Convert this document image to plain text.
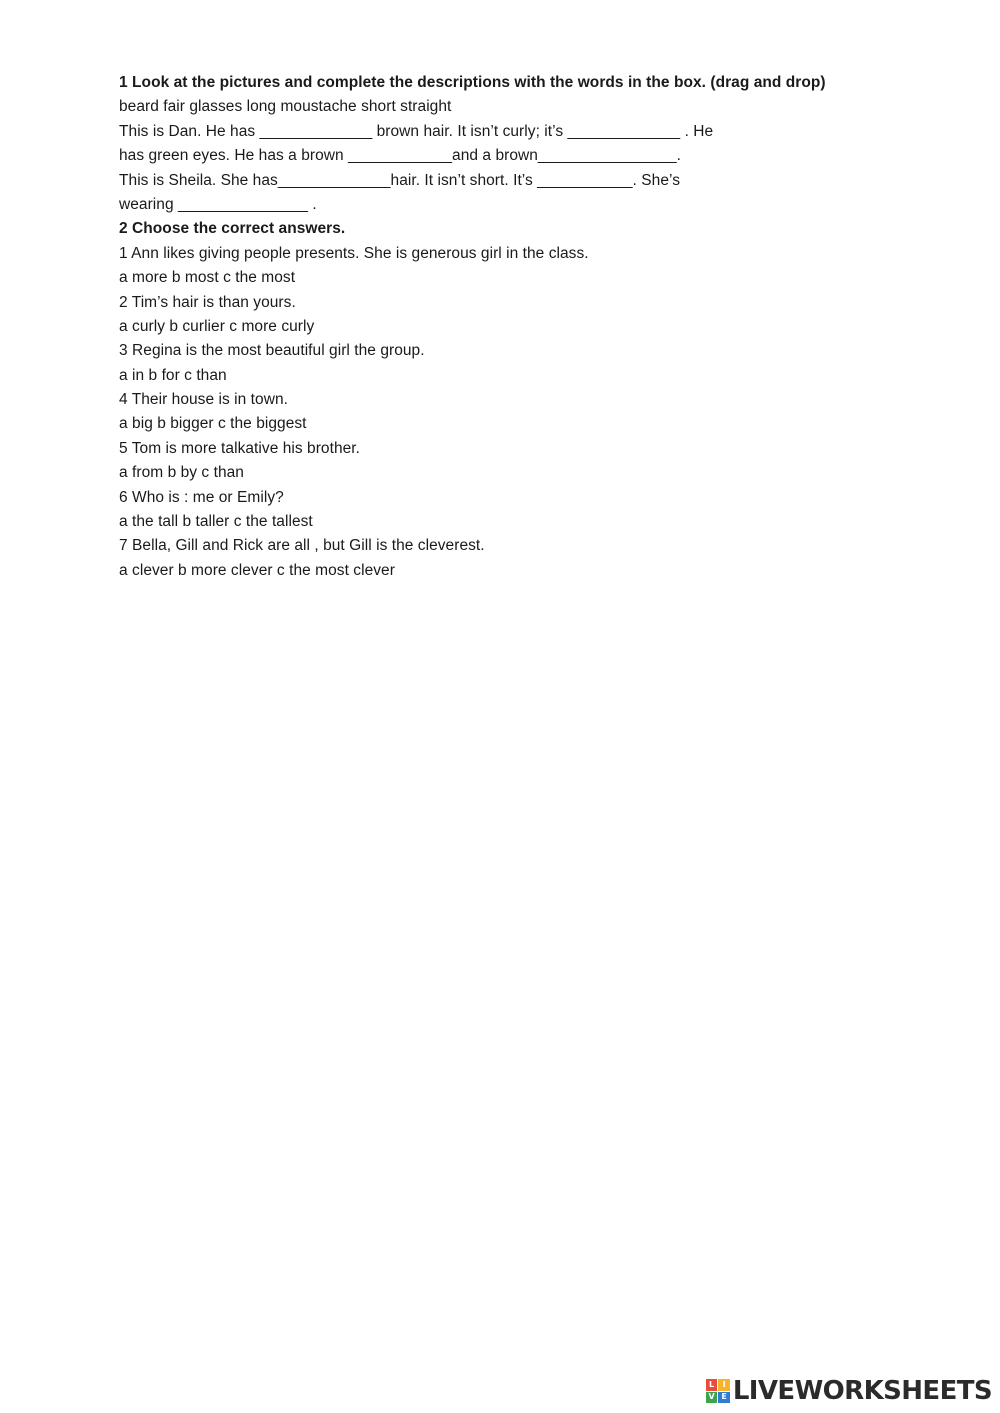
1 Look at the pictures and complete the descriptions with the words in the box. (drag and drop)
beard fair glasses long moustache short straight
This is Dan. He has _____________ brown hair. It isn’t curly; it’s _____________ . He
has green eyes. He has a brown ____________and a brown________________.
This is Sheila. She has_____________hair. It isn’t short. It’s ___________. She’s
wearing _______________ .
2 Choose the correct answers.
1 Ann likes giving people presents. She is generous girl in the class.
a more b most c the most
2 Tim’s hair is than yours.
a curly b curlier c more curly
3 Regina is the most beautiful girl the group.
a in b for c than
4 Their house is in town.
a big b bigger c the biggest
5 Tom is more talkative his brother.
a from b by c than
6 Who is : me or Emily?
a the tall b taller c the tallest
7 Bella, Gill and Rick are all , but Gill is the cleverest.
a clever b more clever c the most clever
L	I
V E LIVEWORKSHEETS
